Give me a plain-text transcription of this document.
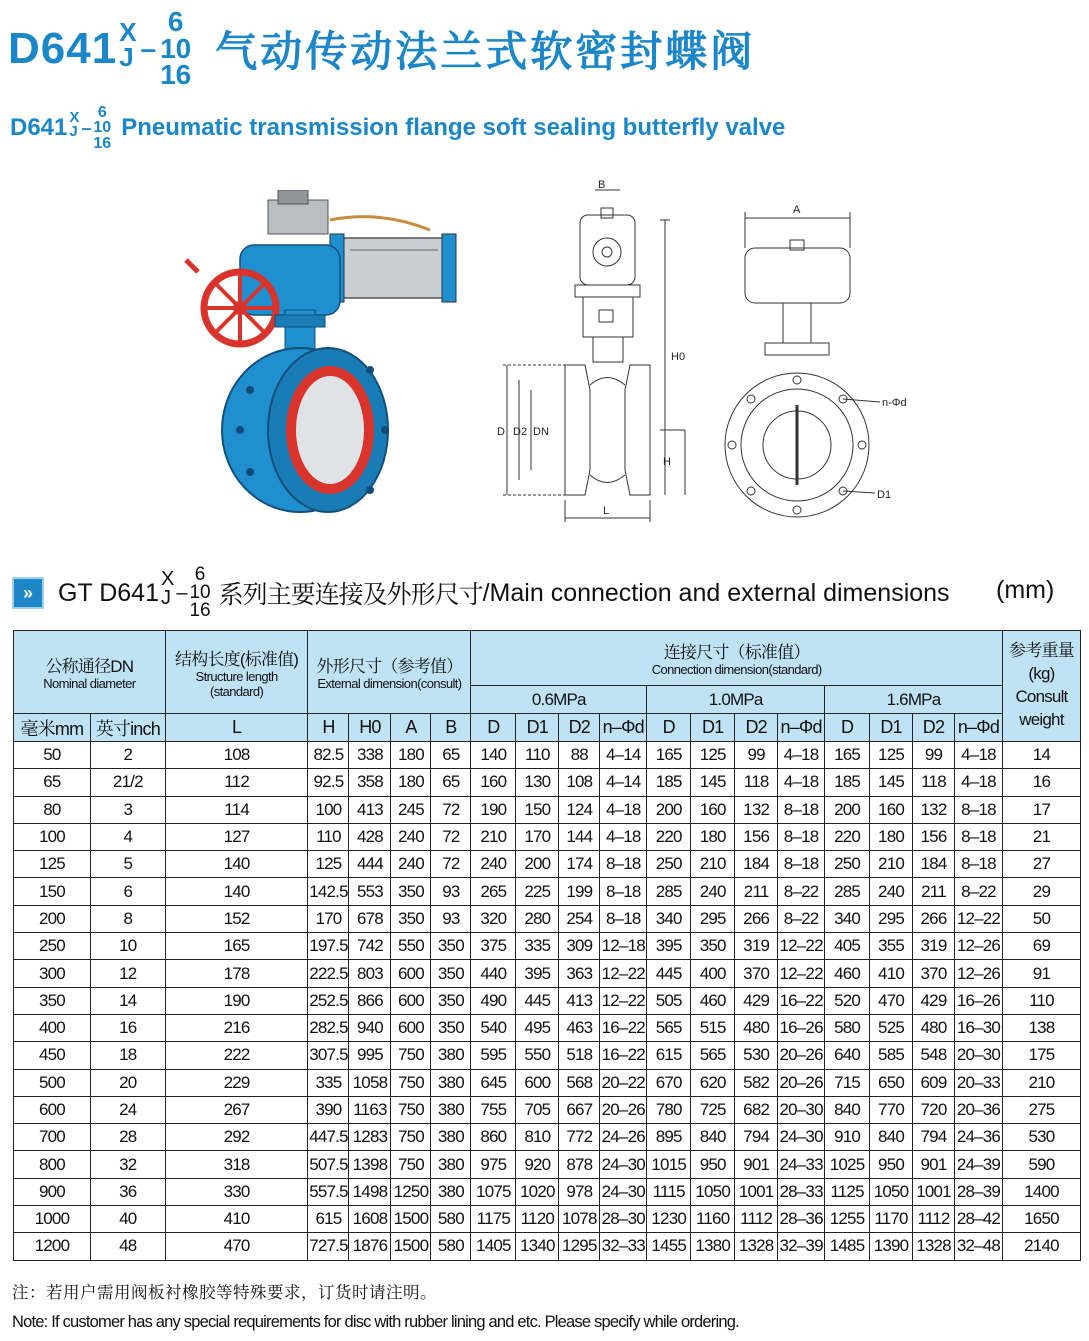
D641 X
J –
6
10
16 气动传动法兰式软密封蝶阀
D641 X
J –
6
10
16
Pneumatic transmission flange soft sealing butterfly valve
B
A
H0
D D2 DN
H
L
n-Φd
D1
»	GT D641 X
J –
6
10
16
系列主要连接及外形尺寸 /Main connection and external dimensions (mm)
公称通径DN
Nominal diameter		结构长度(标准值)
Structure length
(standard)	外形尺寸（参考值）
External dimension(consult)				连接尺寸（标准值）
Connection dimension(standard)												参考重量
(kg)
Consult
weight

							0.6MPa				1.0MPa				1.6MPa				
毫米mm	英寸inch	L	H	H0	A	B	D	D1	D2	n–Φd	D	D1	D2	n–Φd	D	D1	D2	n–Φd	
50	2	108	82.5	338	180	65	140	110	88	4–14	165	125	99	4–18	165	125	99	4–18	14
65	21/2	112	92.5	358	180	65	160	130	108	4–14	185	145	118	4–18	185	145	118	4–18	16
80	3	114	100	413	245	72	190	150	124	4–18	200	160	132	8–18	200	160	132	8–18	17
100	4	127	110	428	240	72	210	170	144	4–18	220	180	156	8–18	220	180	156	8–18	21
125	5	140	125	444	240	72	240	200	174	8–18	250	210	184	8–18	250	210	184	8–18	27
150	6	140	142.5	553	350	93	265	225	199	8–18	285	240	211	8–22	285	240	211	8–22	29
200	8	152	170	678	350	93	320	280	254	8–18	340	295	266	8–22	340	295	266	12–22	50
250	10	165	197.5	742	550	350	375	335	309	12–18	395	350	319	12–22	405	355	319	12–26	69
300	12	178	222.5	803	600	350	440	395	363	12–22	445	400	370	12–22	460	410	370	12–26	91
350	14	190	252.5	866	600	350	490	445	413	12–22	505	460	429	16–22	520	470	429	16–26	110
400	16	216	282.5	940	600	350	540	495	463	16–22	565	515	480	16–26	580	525	480	16–30	138
450	18	222	307.5	995	750	380	595	550	518	16–22	615	565	530	20–26	640	585	548	20–30	175
500	20	229	335	1058	750	380	645	600	568	20–22	670	620	582	20–26	715	650	609	20–33	210
600	24	267	390	1163	750	380	755	705	667	20–26	780	725	682	20–30	840	770	720	20–36	275
700	28	292	447.5	1283	750	380	860	810	772	24–26	895	840	794	24–30	910	840	794	24–36	530
800	32	318	507.5	1398	750	380	975	920	878	24–30	1015	950	901	24–33	1025	950	901	24–39	590
900	36	330	557.5	1498	1250	380	1075	1020	978	24–30	1115	1050	1001	28–33	1125	1050	1001	28–39	1400
1000	40	410	615	1608	1500	580	1175	1120	1078	28–30	1230	1160	1112	28–36	1255	1170	1112	28–42	1650
1200	48	470	727.5	1876	1500	580	1405	1340	1295	32–33	1455	1380	1328	32–39	1485	1390	1328	32–48	2140
注：若用户需用阀板衬橡胶等特殊要求，订货时请注明。
Note: If customer has any special requirements for disc with rubber lining and etc. Please specify while ordering.
